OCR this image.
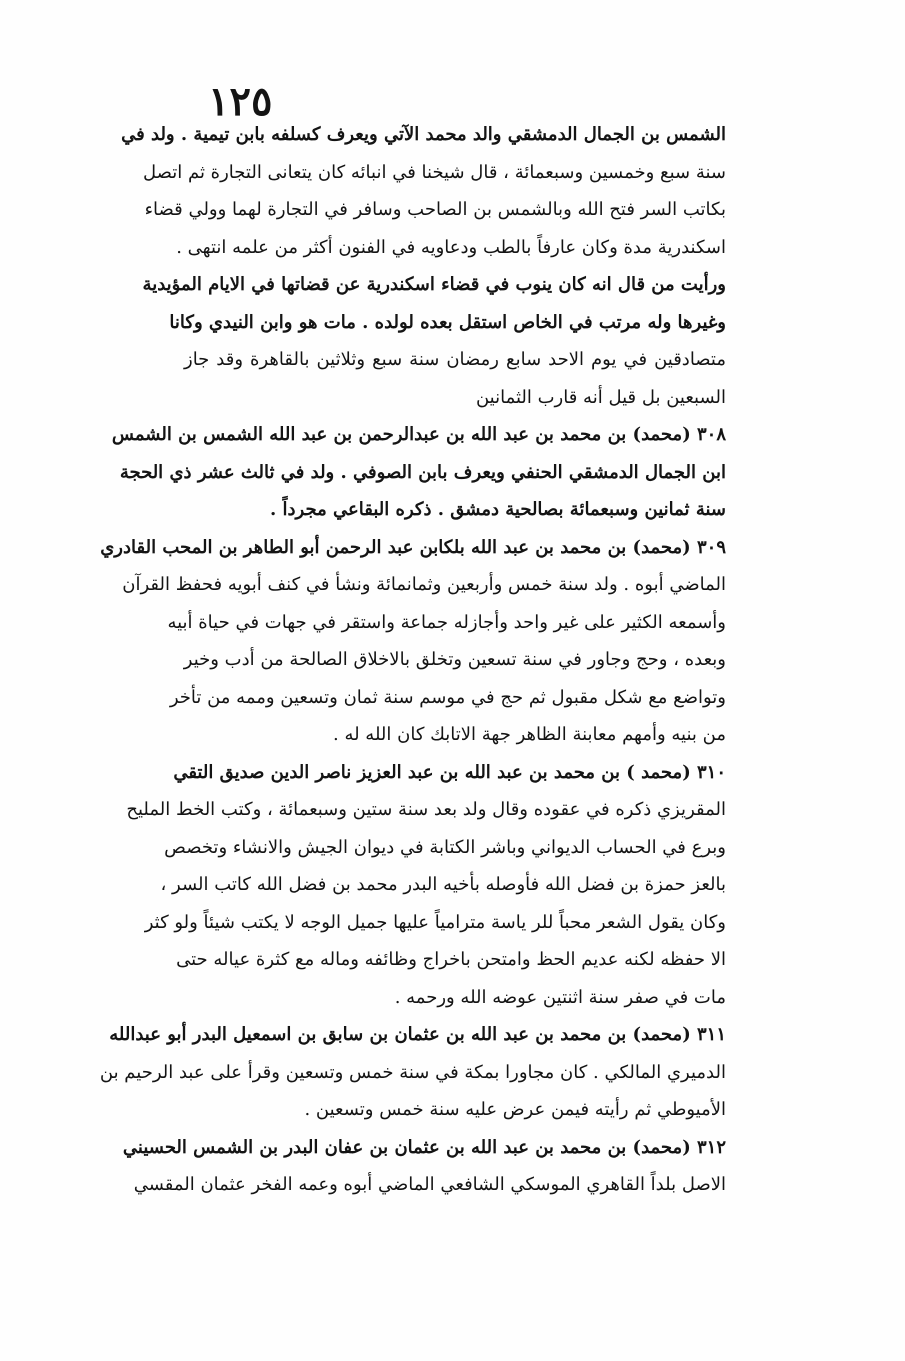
١٢٥
الشمس بن الجمال الدمشقي والد محمد الآتي ويعرف كسلفه بابن تيمية . ولد في
سنة سبع وخمسين وسبعمائة ، قال شيخنا في انبائه كان يتعانى التجارة ثم اتصل
بكاتب السر فتح الله وبالشمس بن الصاحب وسافر في التجارة لهما وولي قضاء
اسكندرية مدة وكان عارفاً بالطب ودعاويه في الفنون أكثر من علمه انتهى .
ورأيت من قال انه كان ينوب في قضاء اسكندرية عن قضاتها في الايام المؤيدية
وغيرها وله مرتب في الخاص استقل بعده لولده . مات هو وابن النيدي وكانا
متصادقين في يوم الاحد سابع رمضان سنة سبع وثلاثين بالقاهرة وقد جاز
السبعين بل قيل أنه قارب الثمانين
٣٠٨ (محمد) بن محمد بن عبد الله بن عبدالرحمن بن عبد الله الشمس بن الشمس
ابن الجمال الدمشقي الحنفي ويعرف بابن الصوفي . ولد في ثالث عشر ذي الحجة
سنة ثمانين وسبعمائة بصالحية دمشق . ذكره البقاعي مجرداً .
٣٠٩ (محمد) بن محمد بن عبد الله بلكابن عبد الرحمن أبو الطاهر بن المحب القادري
الماضي أبوه . ولد سنة خمس وأربعين وثمانمائة ونشأ في كنف أبويه فحفظ القرآن
وأسمعه الكثير على غير واحد وأجازله جماعة واستقر في جهات في حياة أبيه
وبعده ، وحج وجاور في سنة تسعين وتخلق بالاخلاق الصالحة من أدب وخير
وتواضع مع شكل مقبول ثم حج في موسم سنة ثمان وتسعين وممه من تأخر
من بنيه وأمهم معابنة الظاهر جهة الاتابك كان الله له .
٣١٠ (محمد ) بن محمد بن عبد الله بن عبد العزيز ناصر الدين صديق التقي
المقريزي ذكره في عقوده وقال ولد بعد سنة ستين وسبعمائة ، وكتب الخط المليح
وبرع في الحساب الديواني وباشر الكتابة في ديوان الجيش والانشاء وتخصص
بالعز حمزة بن فضل الله فأوصله بأخيه البدر محمد بن فضل الله كاتب السر ،
وكان يقول الشعر محباً للر ياسة مترامياً عليها جميل الوجه لا يكتب شيئاً ولو كثر
الا حفظه لكنه عديم الحظ وامتحن باخراج وظائفه وماله مع كثرة عياله حتى
مات في صفر سنة اثنتين عوضه الله ورحمه .
٣١١ (محمد) بن محمد بن عبد الله بن عثمان بن سابق بن اسمعيل البدر أبو عبدالله
الدميري المالكي . كان مجاورا بمكة في سنة خمس وتسعين وقرأ على عبد الرحيم بن
الأميوطي ثم رأيته فيمن عرض عليه سنة خمس وتسعين .
٣١٢ (محمد) بن محمد بن عبد الله بن عثمان بن عفان البدر بن الشمس الحسيني
الاصل بلداً القاهري الموسكي الشافعي الماضي أبوه وعمه الفخر عثمان المقسي
